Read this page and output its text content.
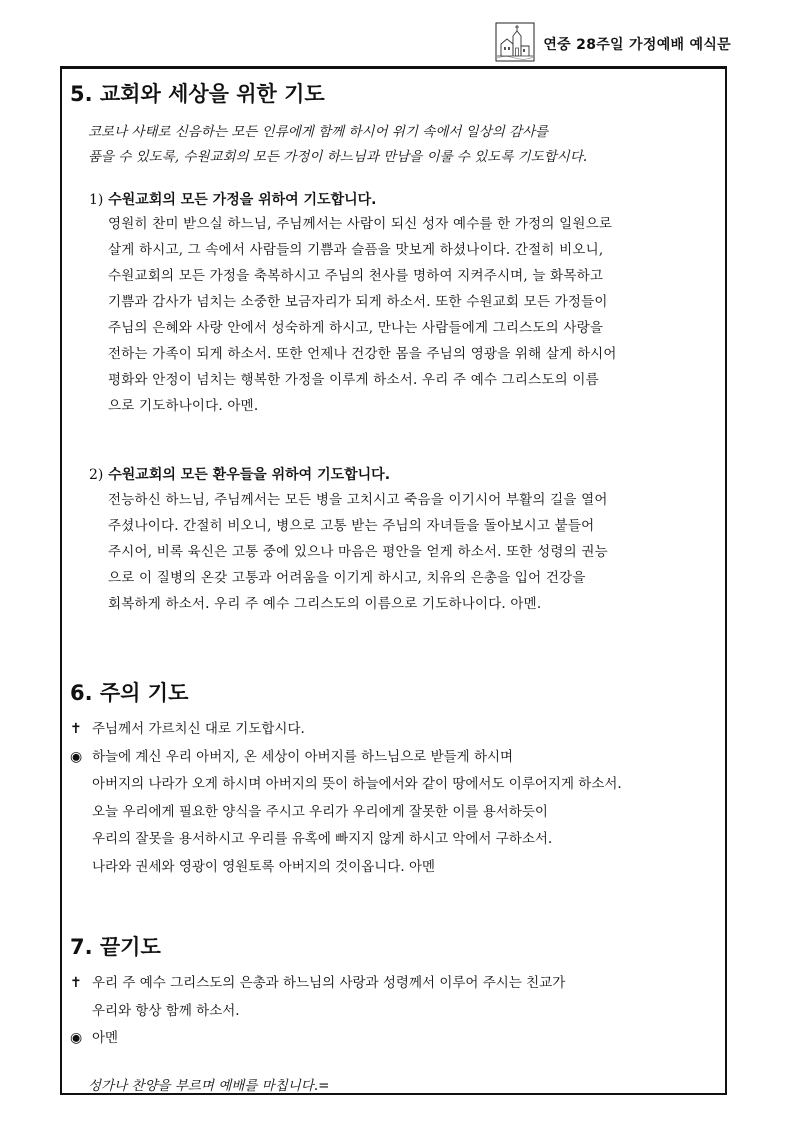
연중 28주일 가정예배 예식문
5. 교회와 세상을 위한 기도
코로나 사태로 신음하는 모든 인류에게 함께 하시어 위기 속에서 일상의 감사를
품을 수 있도록, 수원교회의 모든 가정이 하느님과 만남을 이룰 수 있도록 기도합시다.
1) 수원교회의 모든 가정을 위하여 기도합니다.
영원히 찬미 받으실 하느님, 주님께서는 사람이 되신 성자 예수를 한 가정의 일원으로
살게 하시고, 그 속에서 사람들의 기쁨과 슬픔을 맛보게 하셨나이다. 간절히 비오니,
수원교회의 모든 가정을 축복하시고 주님의 천사를 명하여 지켜주시며, 늘 화목하고
기쁨과 감사가 넘치는 소중한 보금자리가 되게 하소서. 또한 수원교회 모든 가정들이
주님의 은혜와 사랑 안에서 성숙하게 하시고, 만나는 사람들에게 그리스도의 사랑을
전하는 가족이 되게 하소서. 또한 언제나 건강한 몸을 주님의 영광을 위해 살게 하시어
평화와 안정이 넘치는 행복한 가정을 이루게 하소서. 우리 주 예수 그리스도의 이름
으로 기도하나이다. 아멘.
2) 수원교회의 모든 환우들을 위하여 기도합니다.
전능하신 하느님, 주님께서는 모든 병을 고치시고 죽음을 이기시어 부활의 길을 열어
주셨나이다. 간절히 비오니, 병으로 고통 받는 주님의 자녀들을 돌아보시고 붙들어
주시어, 비록 육신은 고통 중에 있으나 마음은 평안을 얻게 하소서. 또한 성령의 권능
으로 이 질병의 온갖 고통과 어려움을 이기게 하시고, 치유의 은총을 입어 건강을
회복하게 하소서. 우리 주 예수 그리스도의 이름으로 기도하나이다. 아멘.
6. 주의 기도
✝ 주님께서 가르치신 대로 기도합시다.
◉ 하늘에 계신 우리 아버지, 온 세상이 아버지를 하느님으로 받들게 하시며
아버지의 나라가 오게 하시며 아버지의 뜻이 하늘에서와 같이 땅에서도 이루어지게 하소서.
오늘 우리에게 필요한 양식을 주시고 우리가 우리에게 잘못한 이를 용서하듯이
우리의 잘못을 용서하시고 우리를 유혹에 빠지지 않게 하시고 악에서 구하소서.
나라와 권세와 영광이 영원토록 아버지의 것이옵니다. 아멘
7. 끝기도
✝ 우리 주 예수 그리스도의 은총과 하느님의 사랑과 성령께서 이루어 주시는 친교가
우리와 항상 함께 하소서.
◉ 아멘
성가나 찬양을 부르며 예배를 마칩니다.=
